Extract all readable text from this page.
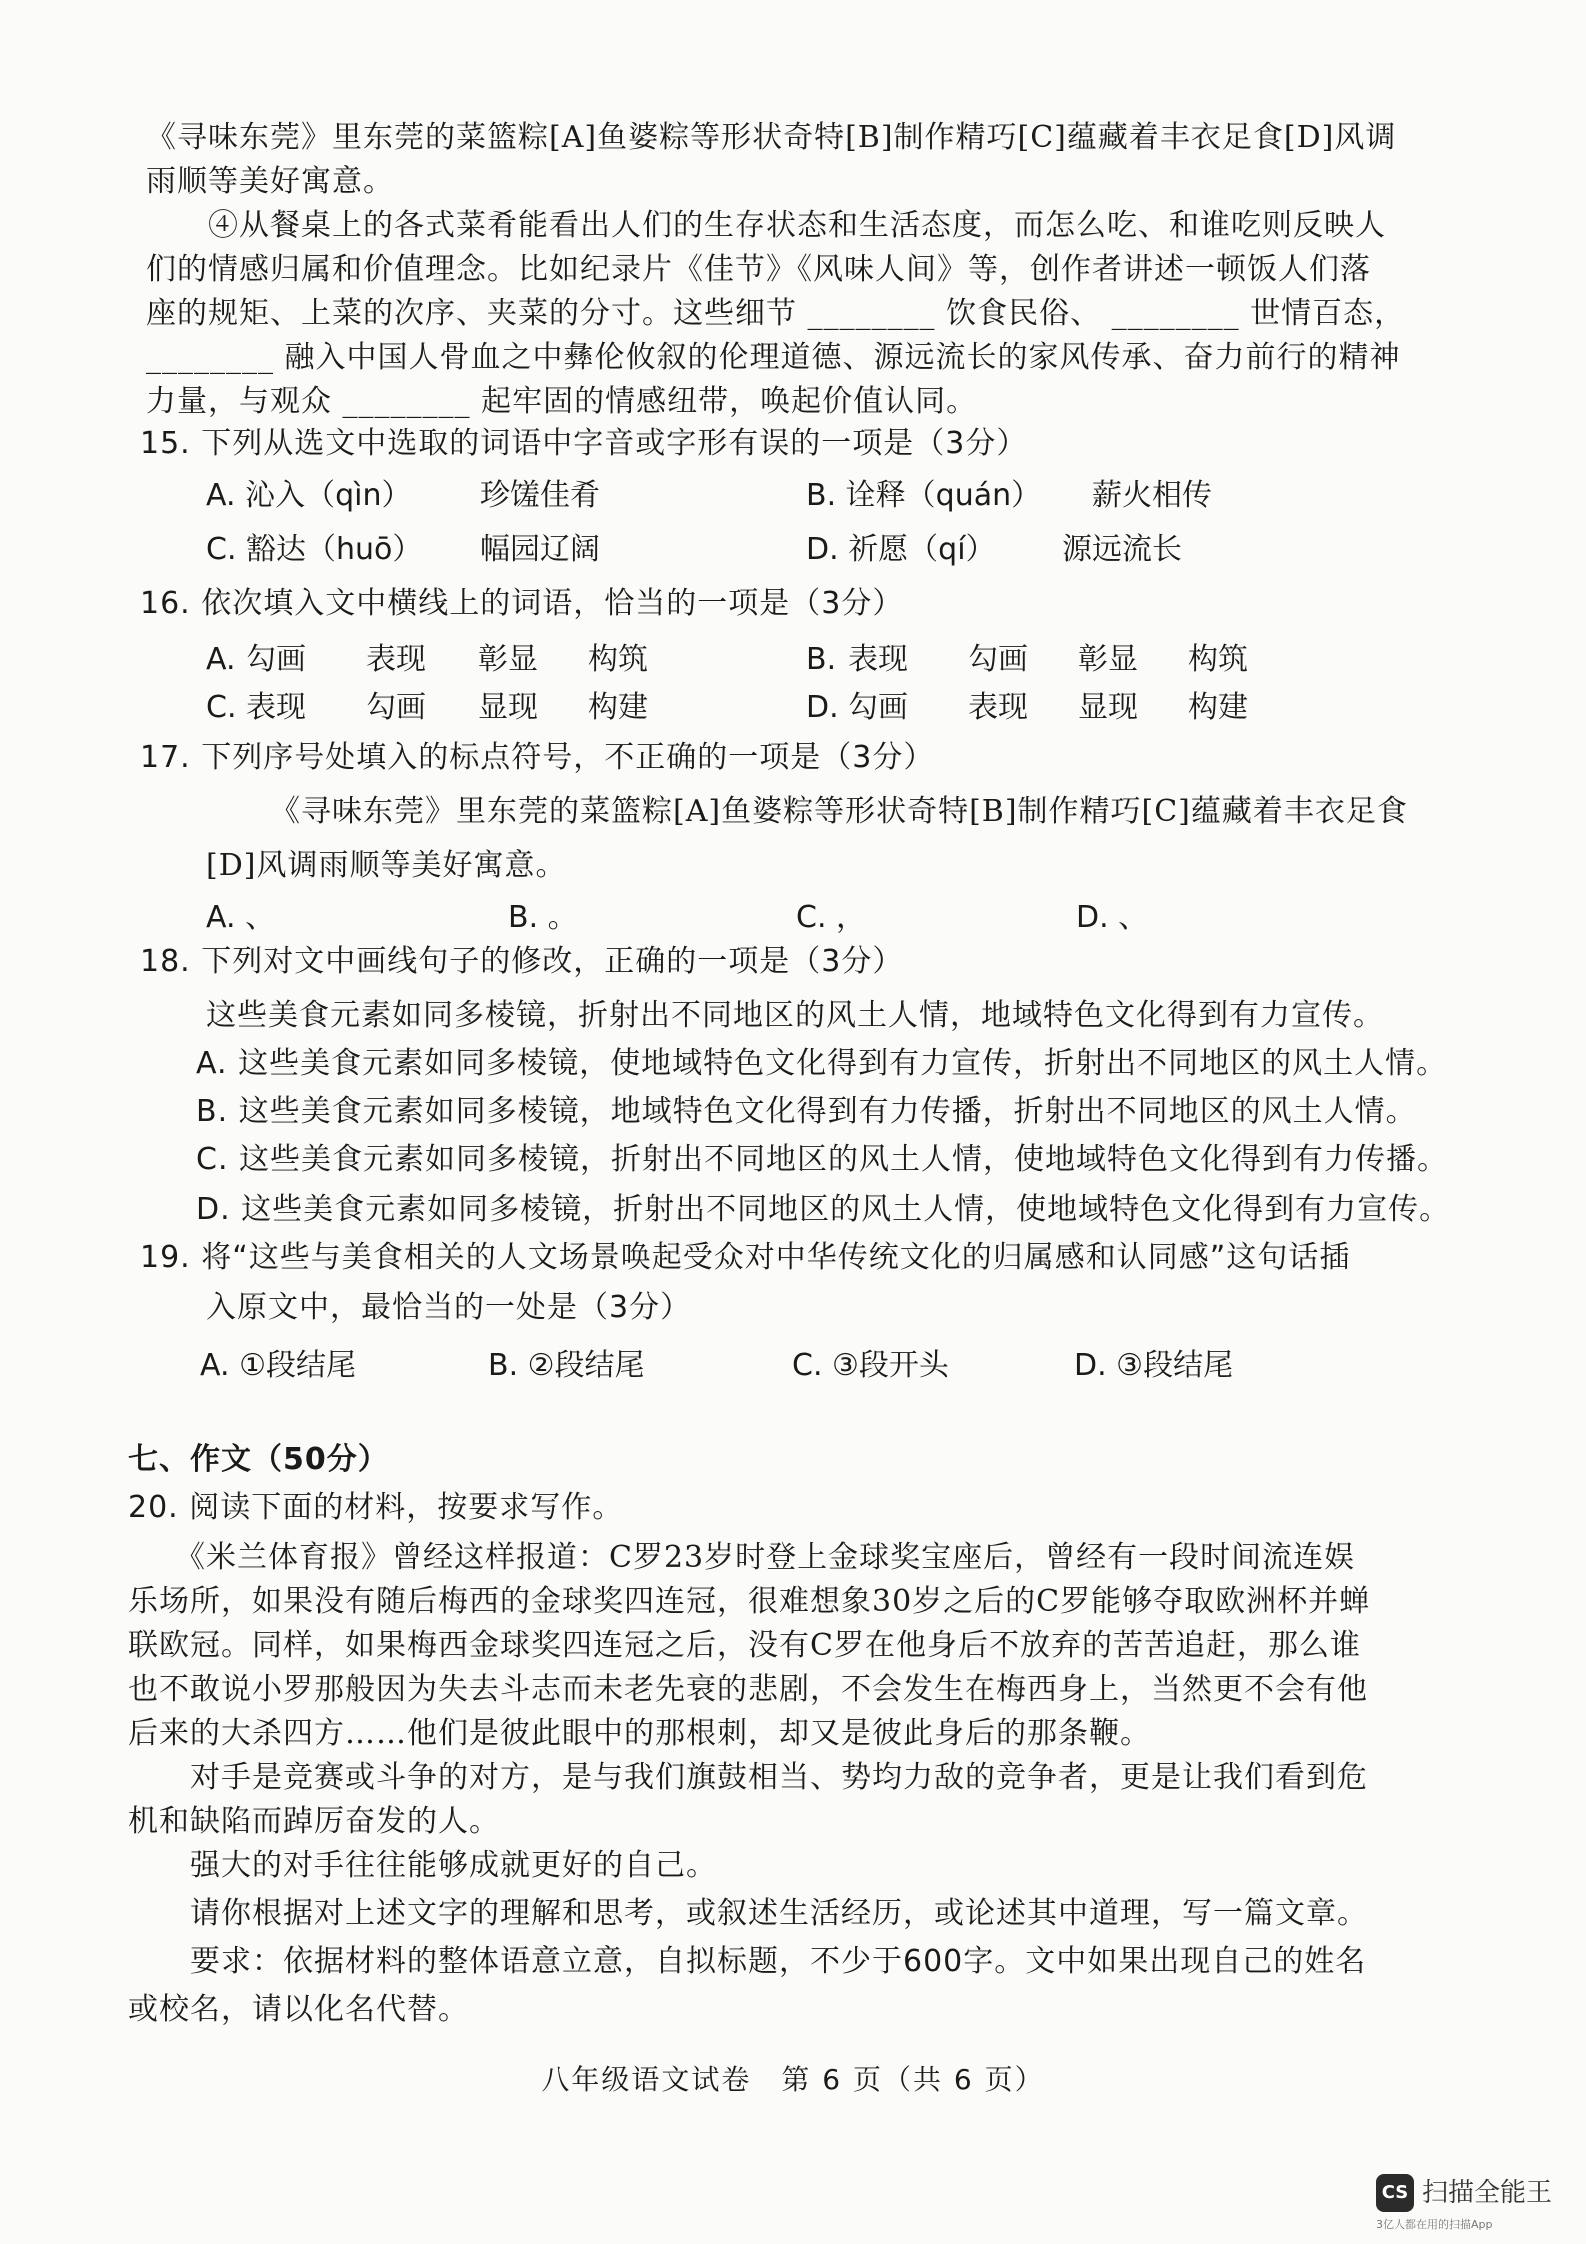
《寻味东莞》里东莞的菜篮粽[A]鱼婆粽等形状奇特[B]制作精巧[C]蕴藏着丰衣足食[D]风调
雨顺等美好寓意。
　　④从餐桌上的各式菜肴能看出人们的生存状态和生活态度，而怎么吃、和谁吃则反映人
们的情感归属和价值理念。比如纪录片《佳节》《风味人间》等，创作者讲述一顿饭人们落
座的规矩、上菜的次序、夹菜的分寸。这些细节 ________ 饮食民俗、 ________ 世情百态，
________ 融入中国人骨血之中彝伦攸叙的伦理道德、源远流长的家风传承、奋力前行的精神
力量，与观众 ________ 起牢固的情感纽带，唤起价值认同。
15. 下列从选文中选取的词语中字音或字形有误的一项是（3分）
A. 沁入（qìn） 珍馐佳肴	B. 诠释（quán） 薪火相传
C. 豁达（huō） 幅园辽阔	D. 祈愿（qí） 源远流长
16. 依次填入文中横线上的词语，恰当的一项是（3分）
A. 勾画 表现 彰显 构筑	B. 表现 勾画 彰显 构筑
C. 表现 勾画 显现 构建	D. 勾画 表现 显现 构建
17. 下列序号处填入的标点符号，不正确的一项是（3分）
《寻味东莞》里东莞的菜篮粽[A]鱼婆粽等形状奇特[B]制作精巧[C]蕴藏着丰衣足食
[D]风调雨顺等美好寓意。
A. 、	B. 。	C. ，	D. 、
18. 下列对文中画线句子的修改，正确的一项是（3分）
这些美食元素如同多棱镜，折射出不同地区的风土人情，地域特色文化得到有力宣传。
A. 这些美食元素如同多棱镜，使地域特色文化得到有力宣传，折射出不同地区的风土人情。
B. 这些美食元素如同多棱镜，地域特色文化得到有力传播，折射出不同地区的风土人情。
C. 这些美食元素如同多棱镜，折射出不同地区的风土人情，使地域特色文化得到有力传播。
D. 这些美食元素如同多棱镜，折射出不同地区的风土人情，使地域特色文化得到有力宣传。
19. 将“这些与美食相关的人文场景唤起受众对中华传统文化的归属感和认同感”这句话插
入原文中，最恰当的一处是（3分）
A. ①段结尾	B. ②段结尾	C. ③段开头	D. ③段结尾
七、作文（50分）
20. 阅读下面的材料，按要求写作。
　　《米兰体育报》曾经这样报道：C罗23岁时登上金球奖宝座后，曾经有一段时间流连娱
乐场所，如果没有随后梅西的金球奖四连冠，很难想象30岁之后的C罗能够夺取欧洲杯并蝉
联欧冠。同样，如果梅西金球奖四连冠之后，没有C罗在他身后不放弃的苦苦追赶，那么谁
也不敢说小罗那般因为失去斗志而未老先衰的悲剧，不会发生在梅西身上，当然更不会有他
后来的大杀四方……他们是彼此眼中的那根刺，却又是彼此身后的那条鞭。
　　对手是竞赛或斗争的对方，是与我们旗鼓相当、势均力敌的竞争者，更是让我们看到危
机和缺陷而踔厉奋发的人。
　　强大的对手往往能够成就更好的自己。
　　请你根据对上述文字的理解和思考，或叙述生活经历，或论述其中道理，写一篇文章。
　　要求：依据材料的整体语意立意，自拟标题，不少于600字。文中如果出现自己的姓名
或校名，请以化名代替。
八年级语文试卷　第 6 页（共 6 页）
CS 扫描全能王
3亿人都在用的扫描App
